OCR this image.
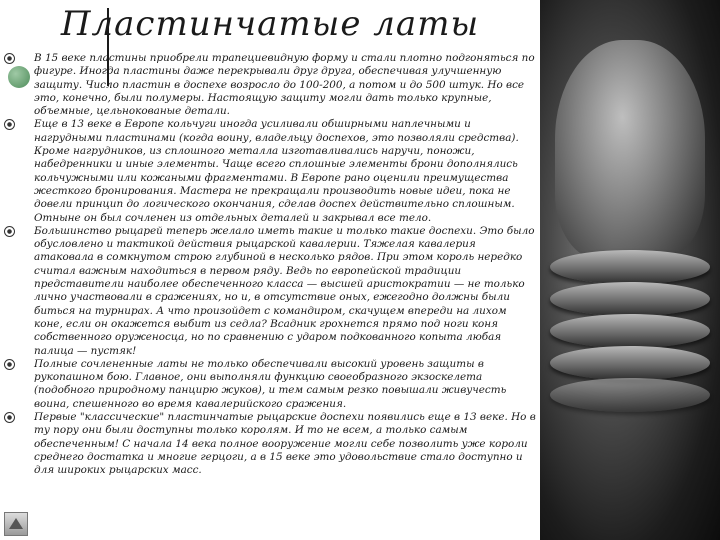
Пластинчатые латы
В 15 веке пластины приобрели трапециевидную форму и стали плотно подгоняться по фигуре. Иногда пластины даже перекрывали друг друга, обеспечивая улучшенную защиту. Число пластин в доспехе возросло до 100-200, а потом и до 500 штук. Но все это, конечно, были полумеры. Настоящую защиту могли дать только крупные, объемные, цельнокованые детали.
Еще в 13 веке в Европе кольчуги иногда усиливали обширными наплечными и нагрудными пластинами (когда воину, владельцу доспехов, это позволяли средства). Кроме нагрудников, из сплошного металла изготавливались наручи, поножи, набедренники и иные элементы. Чаще всего сплошные элементы брони дополнялись кольчужными или кожаными фрагментами. В Европе рано оценили преимущества жесткого бронирования. Мастера не прекращали производить новые идеи, пока не довели принцип до логического окончания, сделав доспех действительно сплошным. Отныне он был сочленен из отдельных деталей и закрывал все тело.
Большинство рыцарей теперь желало иметь такие и только такие доспехи. Это было обусловлено и тактикой действия рыцарской кавалерии. Тяжелая кавалерия атаковала в сомкнутом строю глубиной в несколько рядов. При этом король нередко считал важным находиться в первом ряду. Ведь по европейской традиции представители наиболее обеспеченного класса — высшей аристократии — не только лично участвовали в сражениях, но и, в отсутствие оных, ежегодно должны были биться на турнирах. А что произойдет с командиром, скачущем впереди на лихом коне, если он окажется выбит из седла? Всадник грохнется прямо под ноги коня собственного оруженосца, но по сравнению с ударом подкованного копыта любая палица — пустяк!
Полные сочлененные латы не только обеспечивали высокий уровень защиты в рукопашном бою. Главное, они выполняли функцию своеобразного экзоскелета (подобного природному панцирю жуков), и тем самым резко повышали живучесть воина, спешенного во время кавалерийского сражения.
Первые "классические" пластинчатые рыцарские доспехи появились еще в 13 веке. Но в ту пору они были доступны только королям. И то не всем, а только самым обеспеченным! С начала 14 века полное вооружение могли себе позволить уже короли среднего достатка и многие герцоги, а в 15 веке это удовольствие стало доступно и для широких рыцарских масс.
